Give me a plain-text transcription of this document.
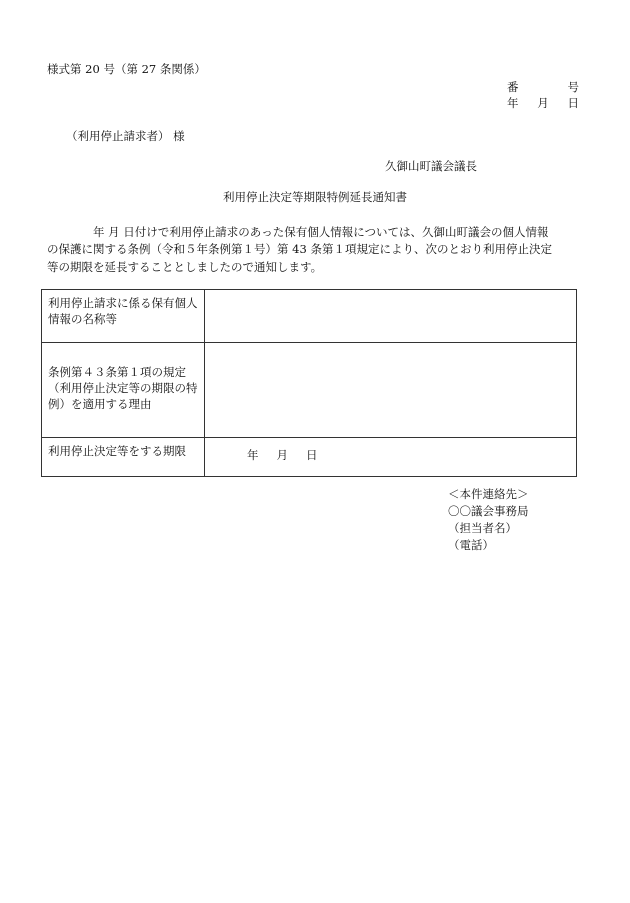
様式第 20 号（第 27 条関係）
番	号
年 月 日
（利用停止請求者） 様
久御山町議会議長
利用停止決定等期限特例延長通知書
年 月 日付けで利用停止請求のあった保有個人情報については、久御山町議会の個人情報
の保護に関する条例（令和５年条例第１号）第 43 条第１項規定により、次のとおり利用停止決定
等の期限を延長することとしましたので通知します。
利用停止請求に係る保有個人情報の名称等	
条例第４３条第１項の規定（利用停止決定等の期限の特例）を適用する理由	
利用停止決定等をする期限	年 月 日
＜本件連絡先＞
〇〇議会事務局
（担当者名）
（電話）
